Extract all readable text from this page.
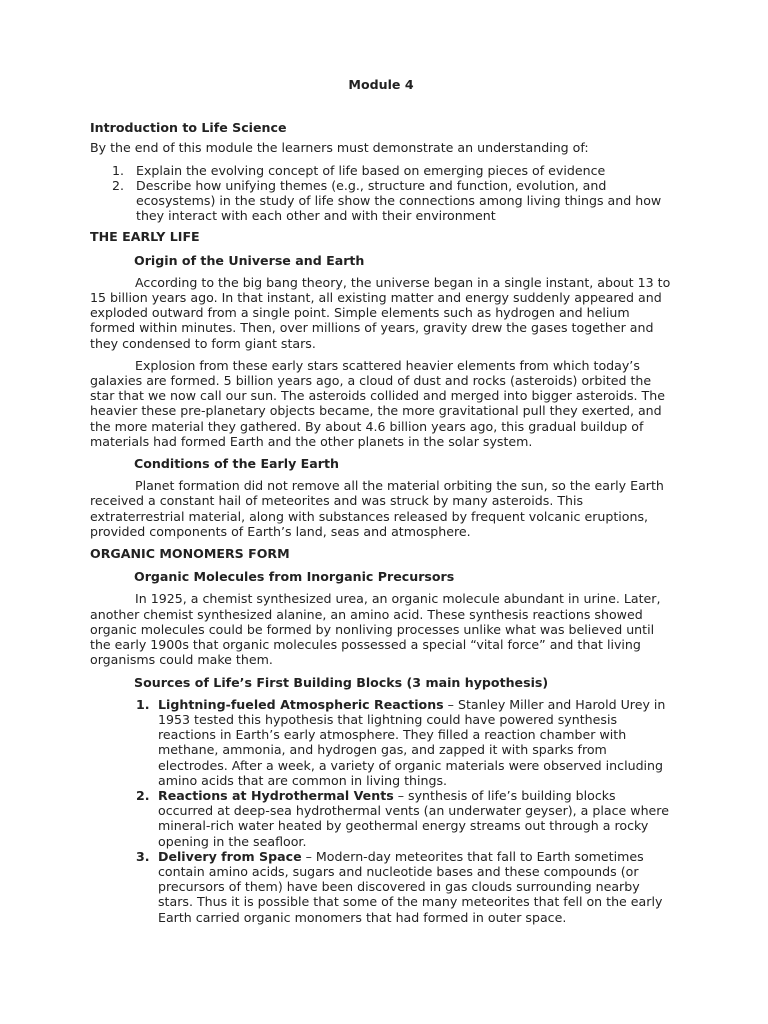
Module 4
Introduction to Life Science

By the end of this module the learners must demonstrate an understanding of:

1. Explain the evolving concept of life based on emerging pieces of evidence
2. Describe how unifying themes (e.g., structure and function, evolution, and ecosystems) in the study of life show the connections among living things and how they interact with each other and with their environment
THE EARLY LIFE
Origin of the Universe and Earth

According to the big bang theory, the universe began in a single instant, about 13 to 15 billion years ago. In that instant, all existing matter and energy suddenly appeared and exploded outward from a single point. Simple elements such as hydrogen and helium formed within minutes. Then, over millions of years, gravity drew the gases together and they condensed to form giant stars.

Explosion from these early stars scattered heavier elements from which today’s galaxies are formed. 5 billion years ago, a cloud of dust and rocks (asteroids) orbited the star that we now call our sun. The asteroids collided and merged into bigger asteroids. The heavier these pre-planetary objects became, the more gravitational pull they exerted, and the more material they gathered. By about 4.6 billion years ago, this gradual buildup of materials had formed Earth and the other planets in the solar system.

Conditions of the Early Earth

Planet formation did not remove all the material orbiting the sun, so the early Earth received a constant hail of meteorites and was struck by many asteroids. This extraterrestrial material, along with substances released by frequent volcanic eruptions, provided components of Earth’s land, seas and atmosphere.

ORGANIC MONOMERS FORM
Organic Molecules from Inorganic Precursors

In 1925, a chemist synthesized urea, an organic molecule abundant in urine. Later, another chemist synthesized alanine, an amino acid. These synthesis reactions showed organic molecules could be formed by nonliving processes unlike what was believed until the early 1900s that organic molecules possessed a special “vital force” and that living organisms could make them.

Sources of Life’s First Building Blocks (3 main hypothesis)
1. Lightning-fueled Atmospheric Reactions – Stanley Miller and Harold Urey in 1953 tested this hypothesis that lightning could have powered synthesis reactions in Earth’s early atmosphere. They filled a reaction chamber with methane, ammonia, and hydrogen gas, and zapped it with sparks from electrodes. After a week, a variety of organic materials were observed including amino acids that are common in living things.
2. Reactions at Hydrothermal Vents – synthesis of life’s building blocks occurred at deep-sea hydrothermal vents (an underwater geyser), a place where mineral-rich water heated by geothermal energy streams out through a rocky opening in the seafloor.
3. Delivery from Space – Modern-day meteorites that fall to Earth sometimes contain amino acids, sugars and nucleotide bases and these compounds (or precursors of them) have been discovered in gas clouds surrounding nearby stars. Thus it is possible that some of the many meteorites that fell on the early Earth carried organic monomers that had formed in outer space.
